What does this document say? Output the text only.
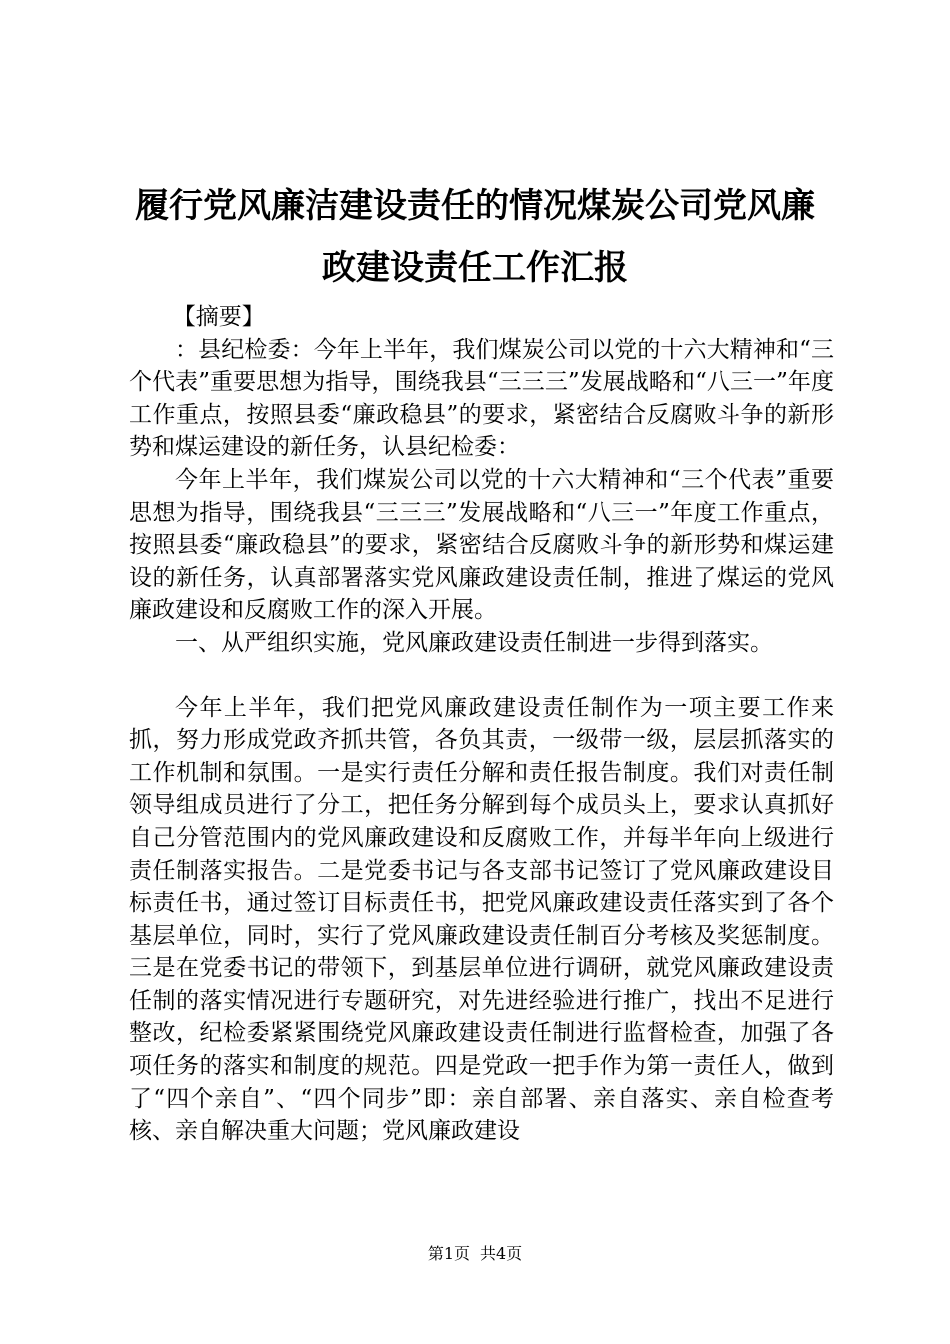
履行党风廉洁建设责任的情况煤炭公司党风廉
政建设责任工作汇报

【摘要】

：县纪检委：今年上半年，我们煤炭公司以党的十六大精神和“三个代表”重要思想为指导，围绕我县“三三三”发展战略和“八三一”年度工作重点，按照县委“廉政稳县”的要求，紧密结合反腐败斗争的新形势和煤运建设的新任务，认县纪检委：

今年上半年，我们煤炭公司以党的十六大精神和“三个代表”重要思想为指导，围绕我县“三三三”发展战略和“八三一”年度工作重点，按照县委“廉政稳县”的要求，紧密结合反腐败斗争的新形势和煤运建设的新任务，认真部署落实党风廉政建设责任制，推进了煤运的党风廉政建设和反腐败工作的深入开展。

一、从严组织实施，党风廉政建设责任制进一步得到落实。

今年上半年，我们把党风廉政建设责任制作为一项主要工作来抓，努力形成党政齐抓共管，各负其责，一级带一级，层层抓落实的工作机制和氛围。一是实行责任分解和责任报告制度。我们对责任制领导组成员进行了分工，把任务分解到每个成员头上，要求认真抓好自己分管范围内的党风廉政建设和反腐败工作，并每半年向上级进行责任制落实报告。二是党委书记与各支部书记签订了党风廉政建设目标责任书，通过签订目标责任书，把党风廉政建设责任落实到了各个基层单位，同时，实行了党风廉政建设责任制百分考核及奖惩制度。三是在党委书记的带领下，到基层单位进行调研，就党风廉政建设责任制的落实情况进行专题研究，对先进经验进行推广，找出不足进行整改，纪检委紧紧围绕党风廉政建设责任制进行监督检查，加强了各项任务的落实和制度的规范。四是党政一把手作为第一责任人，做到了“四个亲自”、“四个同步”即：亲自部署、亲自落实、亲自检查考核、亲自解决重大问题；党风廉政建设

第1页 共4页
